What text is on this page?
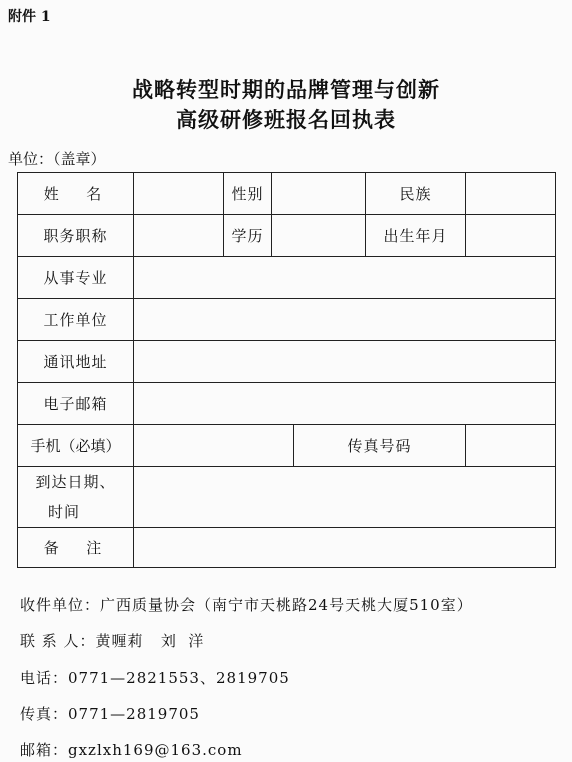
附件 1
战略转型时期的品牌管理与创新
高级研修班报名回执表
单位：（盖章）
姓  名		性别			民族	
职务职称		学历			出生年月	
从事专业						
工作单位						
通讯地址						
电子邮箱						
手机（必填）				传真号码		

到达日期、
时间						

备  注						
收件单位：广西质量协会（南宁市天桃路24号天桃大厦510室）
联 系 人：黄喱莉   刘  洋
电话：0771—2821553、2819705
传真：0771—2819705
邮箱：gxzlxh169@163.com
